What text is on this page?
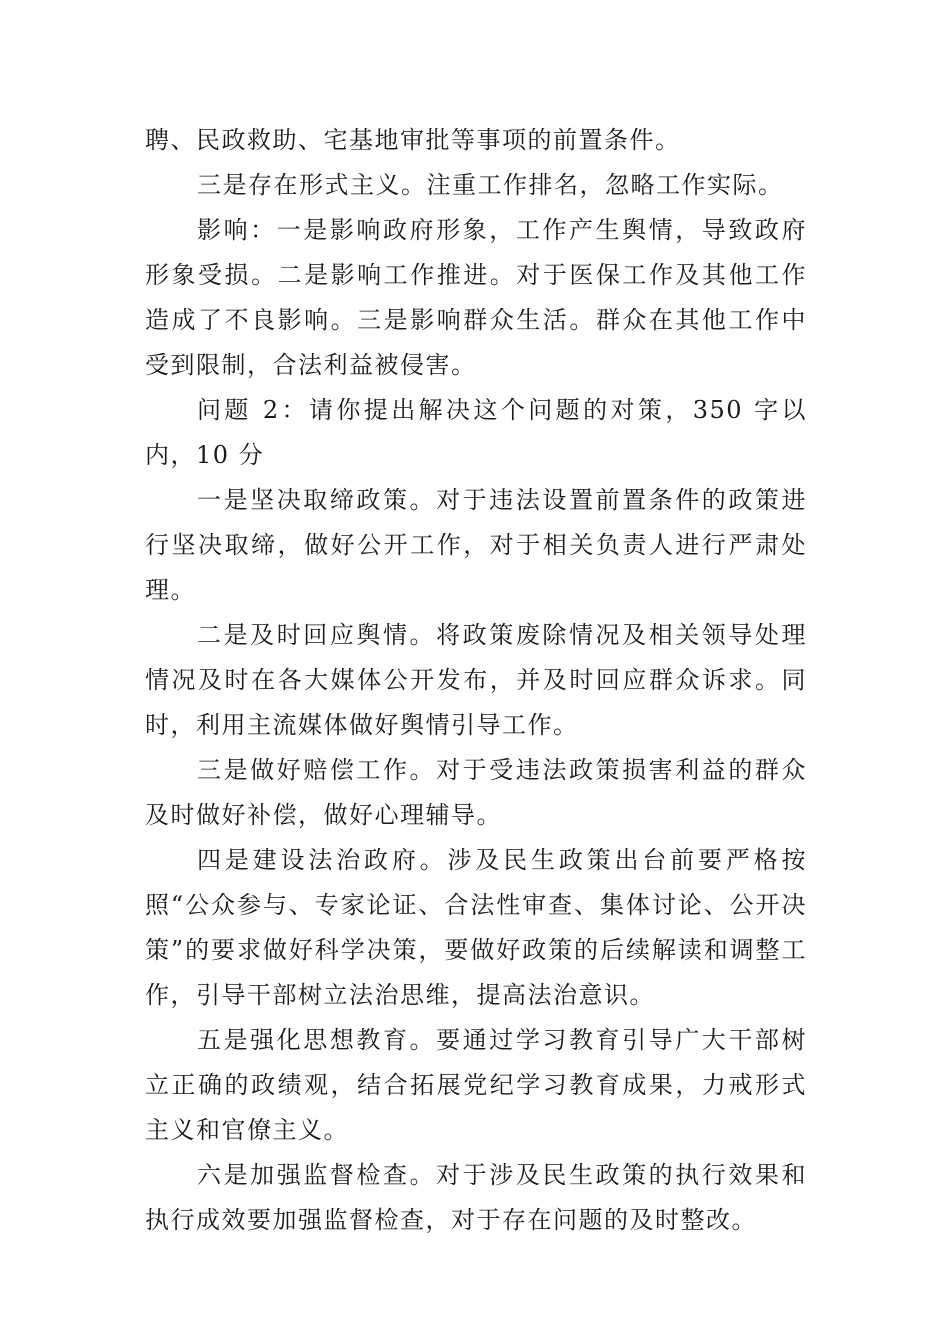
聘、民政救助、宅基地审批等事项的前置条件。

三是存在形式主义。注重工作排名，忽略工作实际。

影响：一是影响政府形象，工作产生舆情，导致政府形象受损。二是影响工作推进。对于医保工作及其他工作造成了不良影响。三是影响群众生活。群众在其他工作中受到限制，合法利益被侵害。

问题 2：请你提出解决这个问题的对策，350 字以内，10 分

一是坚决取缔政策。对于违法设置前置条件的政策进行坚决取缔，做好公开工作，对于相关负责人进行严肃处理。

二是及时回应舆情。将政策废除情况及相关领导处理情况及时在各大媒体公开发布，并及时回应群众诉求。同时，利用主流媒体做好舆情引导工作。

三是做好赔偿工作。对于受违法政策损害利益的群众及时做好补偿，做好心理辅导。

四是建设法治政府。涉及民生政策出台前要严格按照“公众参与、专家论证、合法性审查、集体讨论、公开决策”的要求做好科学决策，要做好政策的后续解读和调整工作，引导干部树立法治思维，提高法治意识。

五是强化思想教育。要通过学习教育引导广大干部树立正确的政绩观，结合拓展党纪学习教育成果，力戒形式主义和官僚主义。

六是加强监督检查。对于涉及民生政策的执行效果和执行成效要加强监督检查，对于存在问题的及时整改。
